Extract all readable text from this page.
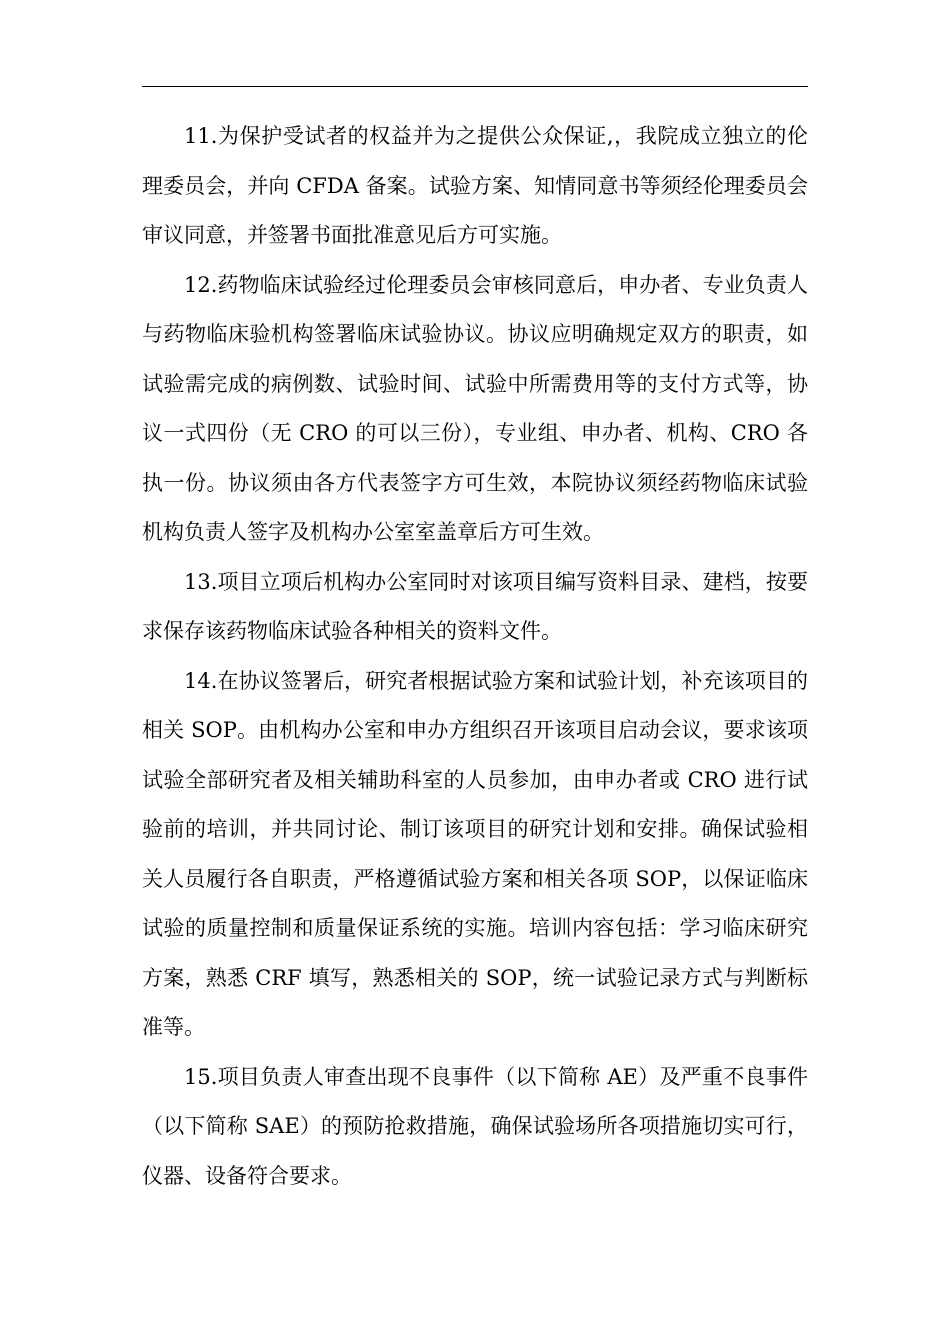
11.为保护受试者的权益并为之提供公众保证,，我院成立独立的伦理委员会，并向 CFDA 备案。试验方案、知情同意书等须经伦理委员会审议同意，并签署书面批准意见后方可实施。

12.药物临床试验经过伦理委员会审核同意后，申办者、专业负责人与药物临床验机构签署临床试验协议。协议应明确规定双方的职责，如试验需完成的病例数、试验时间、试验中所需费用等的支付方式等，协议一式四份（无 CRO 的可以三份），专业组、申办者、机构、CRO 各执一份。协议须由各方代表签字方可生效，本院协议须经药物临床试验机构负责人签字及机构办公室室盖章后方可生效。

13.项目立项后机构办公室同时对该项目编写资料目录、建档，按要求保存该药物临床试验各种相关的资料文件。

14.在协议签署后，研究者根据试验方案和试验计划，补充该项目的相关 SOP。由机构办公室和申办方组织召开该项目启动会议，要求该项试验全部研究者及相关辅助科室的人员参加，由申办者或 CRO 进行试验前的培训，并共同讨论、制订该项目的研究计划和安排。确保试验相关人员履行各自职责，严格遵循试验方案和相关各项 SOP，以保证临床试验的质量控制和质量保证系统的实施。培训内容包括：学习临床研究方案，熟悉 CRF 填写，熟悉相关的 SOP，统一试验记录方式与判断标准等。

15.项目负责人审查出现不良事件（以下简称 AE）及严重不良事件（以下简称 SAE）的预防抢救措施，确保试验场所各项措施切实可行，仪器、设备符合要求。
